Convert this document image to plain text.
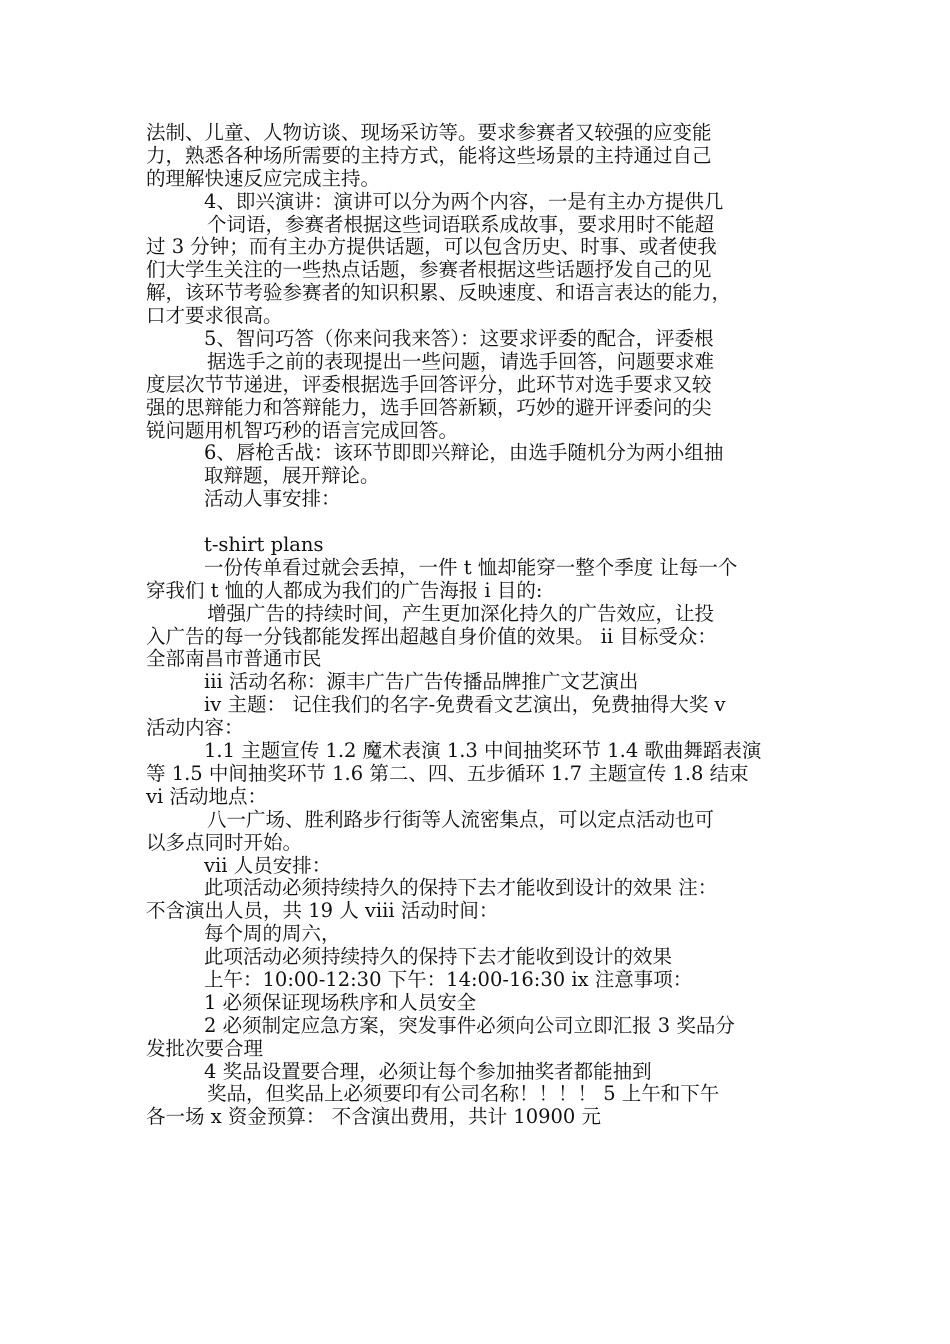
法制、儿童、人物访谈、现场采访等。要求参赛者又较强的应变能
力，熟悉各种场所需要的主持方式，能将这些场景的主持通过自己
的理解快速反应完成主持。
4、即兴演讲：演讲可以分为两个内容，一是有主办方提供几
个词语，参赛者根据这些词语联系成故事，要求用时不能超
过 3 分钟；而有主办方提供话题，可以包含历史、时事、或者使我
们大学生关注的一些热点话题，参赛者根据这些话题抒发自己的见
解，该环节考验参赛者的知识积累、反映速度、和语言表达的能力，
口才要求很高。
5、智问巧答（你来问我来答）：这要求评委的配合，评委根
据选手之前的表现提出一些问题，请选手回答，问题要求难
度层次节节递进，评委根据选手回答评分，此环节对选手要求又较
强的思辩能力和答辩能力，选手回答新颖，巧妙的避开评委问的尖
锐问题用机智巧秒的语言完成回答。
6、唇枪舌战：该环节即即兴辩论，由选手随机分为两小组抽
取辩题，展开辩论。
活动人事安排：
t-shirt plans
一份传单看过就会丢掉，一件 t 恤却能穿一整个季度 让每一个
穿我们 t 恤的人都成为我们的广告海报 i 目的:
增强广告的持续时间，产生更加深化持久的广告效应，让投
入广告的每一分钱都能发挥出超越自身价值的效果。 ii 目标受众：
全部南昌市普通市民
iii 活动名称：源丰广告广告传播品牌推广文艺演出
iv 主题： 记住我们的名字-免费看文艺演出，免费抽得大奖 v
活动内容：
1.1 主题宣传 1.2 魔术表演 1.3 中间抽奖环节 1.4 歌曲舞蹈表演
等 1.5 中间抽奖环节 1.6 第二、四、五步循环 1.7 主题宣传 1.8 结束
vi 活动地点：
八一广场、胜利路步行街等人流密集点，可以定点活动也可
以多点同时开始。
vii 人员安排：
此项活动必须持续持久的保持下去才能收到设计的效果 注：
不含演出人员，共 19 人 viii 活动时间：
每个周的周六，
此项活动必须持续持久的保持下去才能收到设计的效果
上午：10:00-12:30 下午：14:00-16:30 ix 注意事项：
1 必须保证现场秩序和人员安全
2 必须制定应急方案，突发事件必须向公司立即汇报 3 奖品分
发批次要合理
4 奖品设置要合理，必须让每个参加抽奖者都能抽到
奖品，但奖品上必须要印有公司名称！！！！ 5 上午和下午
各一场 x 资金预算： 不含演出费用，共计 10900 元
